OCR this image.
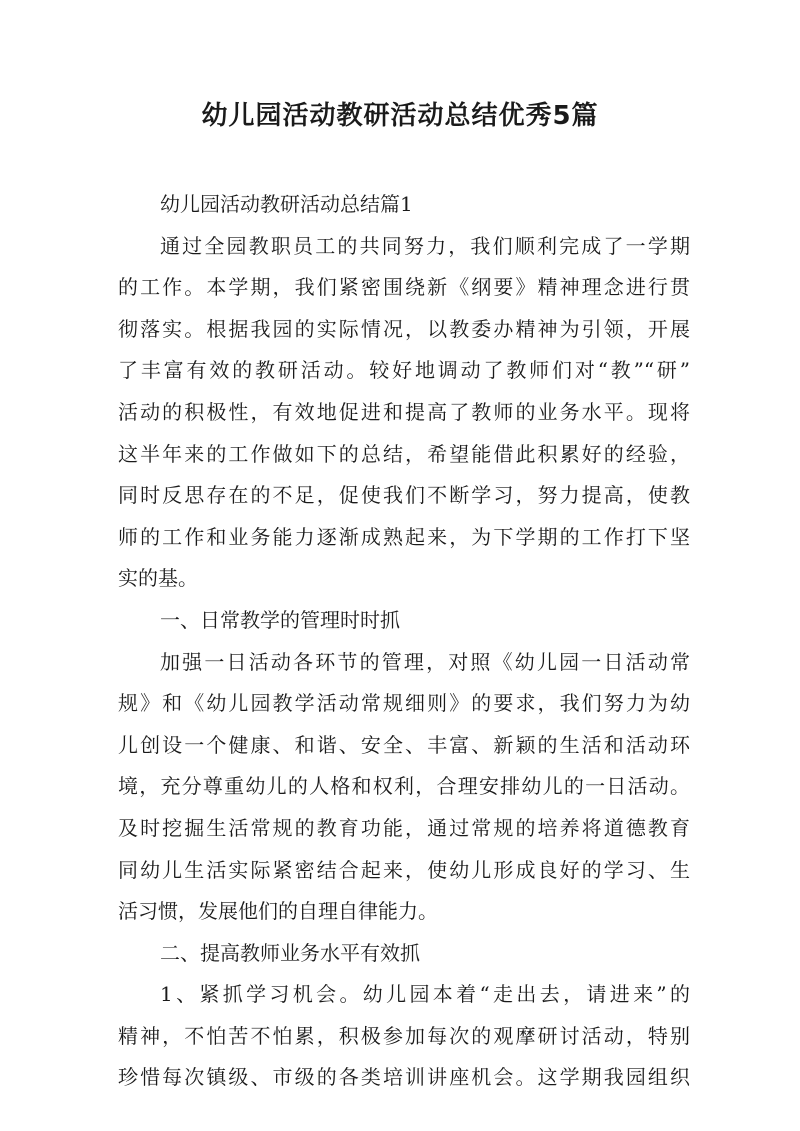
幼儿园活动教研活动总结优秀5篇
幼儿园活动教研活动总结篇1
通过全园教职员工的共同努力，我们顺利完成了一学期
的工作。本学期，我们紧密围绕新《纲要》精神理念进行贯
彻落实。根据我园的实际情况，以教委办精神为引领，开展
了丰富有效的教研活动。较好地调动了教师们对“教”“研”
活动的积极性，有效地促进和提高了教师的业务水平。现将
这半年来的工作做如下的总结，希望能借此积累好的经验，
同时反思存在的不足，促使我们不断学习，努力提高，使教
师的工作和业务能力逐渐成熟起来，为下学期的工作打下坚
实的基。
一、日常教学的管理时时抓
加强一日活动各环节的管理，对照《幼儿园一日活动常
规》和《幼儿园教学活动常规细则》的要求，我们努力为幼
儿创设一个健康、和谐、安全、丰富、新颖的生活和活动环
境，充分尊重幼儿的人格和权利，合理安排幼儿的一日活动。
及时挖掘生活常规的教育功能，通过常规的培养将道德教育
同幼儿生活实际紧密结合起来，使幼儿形成良好的学习、生
活习惯，发展他们的自理自律能力。
二、提高教师业务水平有效抓
1、紧抓学习机会。幼儿园本着“走出去，请进来”的
精神，不怕苦不怕累，积极参加每次的观摩研讨活动，特别
珍惜每次镇级、市级的各类培训讲座机会。这学期我园组织
